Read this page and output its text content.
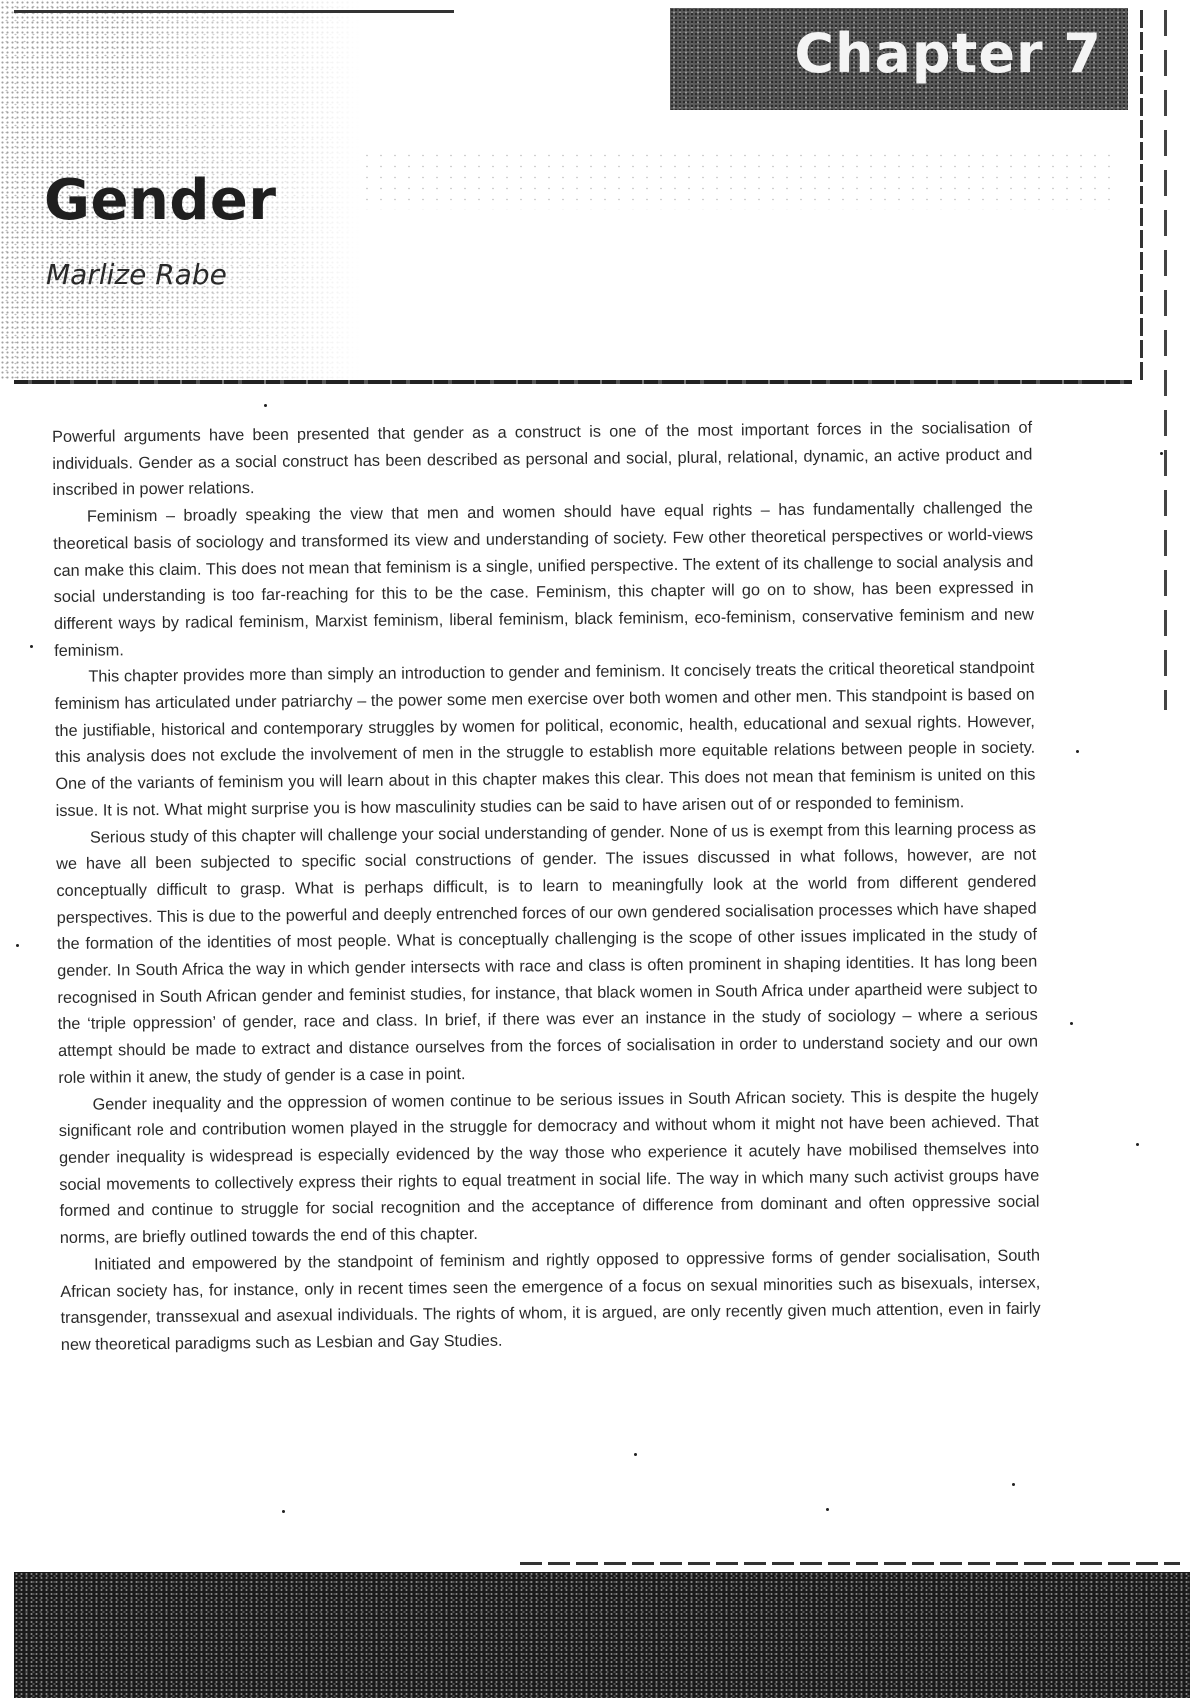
Chapter 7
Gender

Marlize Rabe

Powerful arguments have been presented that gender as a construct is one of the most important forces in the socialisation of individuals. Gender as a social construct has been described as personal and social, plural, relational, dynamic, an active product and inscribed in power relations.

Feminism – broadly speaking the view that men and women should have equal rights – has fundamentally challenged the theoretical basis of sociology and transformed its view and understanding of society. Few other theoretical perspectives or world-views can make this claim. This does not mean that feminism is a single, unified perspective. The extent of its challenge to social analysis and social understanding is too far-reaching for this to be the case. Feminism, this chapter will go on to show, has been expressed in different ways by radical feminism, Marxist feminism, liberal feminism, black feminism, eco-feminism, conservative feminism and new feminism.

This chapter provides more than simply an introduction to gender and feminism. It concisely treats the critical theoretical standpoint feminism has articulated under patriarchy – the power some men exercise over both women and other men. This standpoint is based on the justifiable, historical and contemporary struggles by women for political, economic, health, educational and sexual rights. However, this analysis does not exclude the involvement of men in the struggle to establish more equitable relations between people in society. One of the variants of feminism you will learn about in this chapter makes this clear. This does not mean that feminism is united on this issue. It is not. What might surprise you is how masculinity studies can be said to have arisen out of or responded to feminism.

Serious study of this chapter will challenge your social understanding of gender. None of us is exempt from this learning process as we have all been subjected to specific social constructions of gender. The issues discussed in what follows, however, are not conceptually difficult to grasp. What is perhaps difficult, is to learn to meaningfully look at the world from different gendered perspectives. This is due to the powerful and deeply entrenched forces of our own gendered socialisation processes which have shaped the formation of the identities of most people. What is conceptually challenging is the scope of other issues implicated in the study of gender. In South Africa the way in which gender intersects with race and class is often prominent in shaping identities. It has long been recognised in South African gender and feminist studies, for instance, that black women in South Africa under apartheid were subject to the ‘triple oppression’ of gender, race and class. In brief, if there was ever an instance in the study of sociology – where a serious attempt should be made to extract and distance ourselves from the forces of socialisation in order to understand society and our own role within it anew, the study of gender is a case in point.

Gender inequality and the oppression of women continue to be serious issues in South African society. This is despite the hugely significant role and contribution women played in the struggle for democracy and without whom it might not have been achieved. That gender inequality is widespread is especially evidenced by the way those who experience it acutely have mobilised themselves into social movements to collectively express their rights to equal treatment in social life. The way in which many such activist groups have formed and continue to struggle for social recognition and the acceptance of difference from dominant and often oppressive social norms, are briefly outlined towards the end of this chapter.

Initiated and empowered by the standpoint of feminism and rightly opposed to oppressive forms of gender socialisation, South African society has, for instance, only in recent times seen the emergence of a focus on sexual minorities such as bisexuals, intersex, transgender, transsexual and asexual individuals. The rights of whom, it is argued, are only recently given much attention, even in fairly new theoretical paradigms such as Lesbian and Gay Studies.
